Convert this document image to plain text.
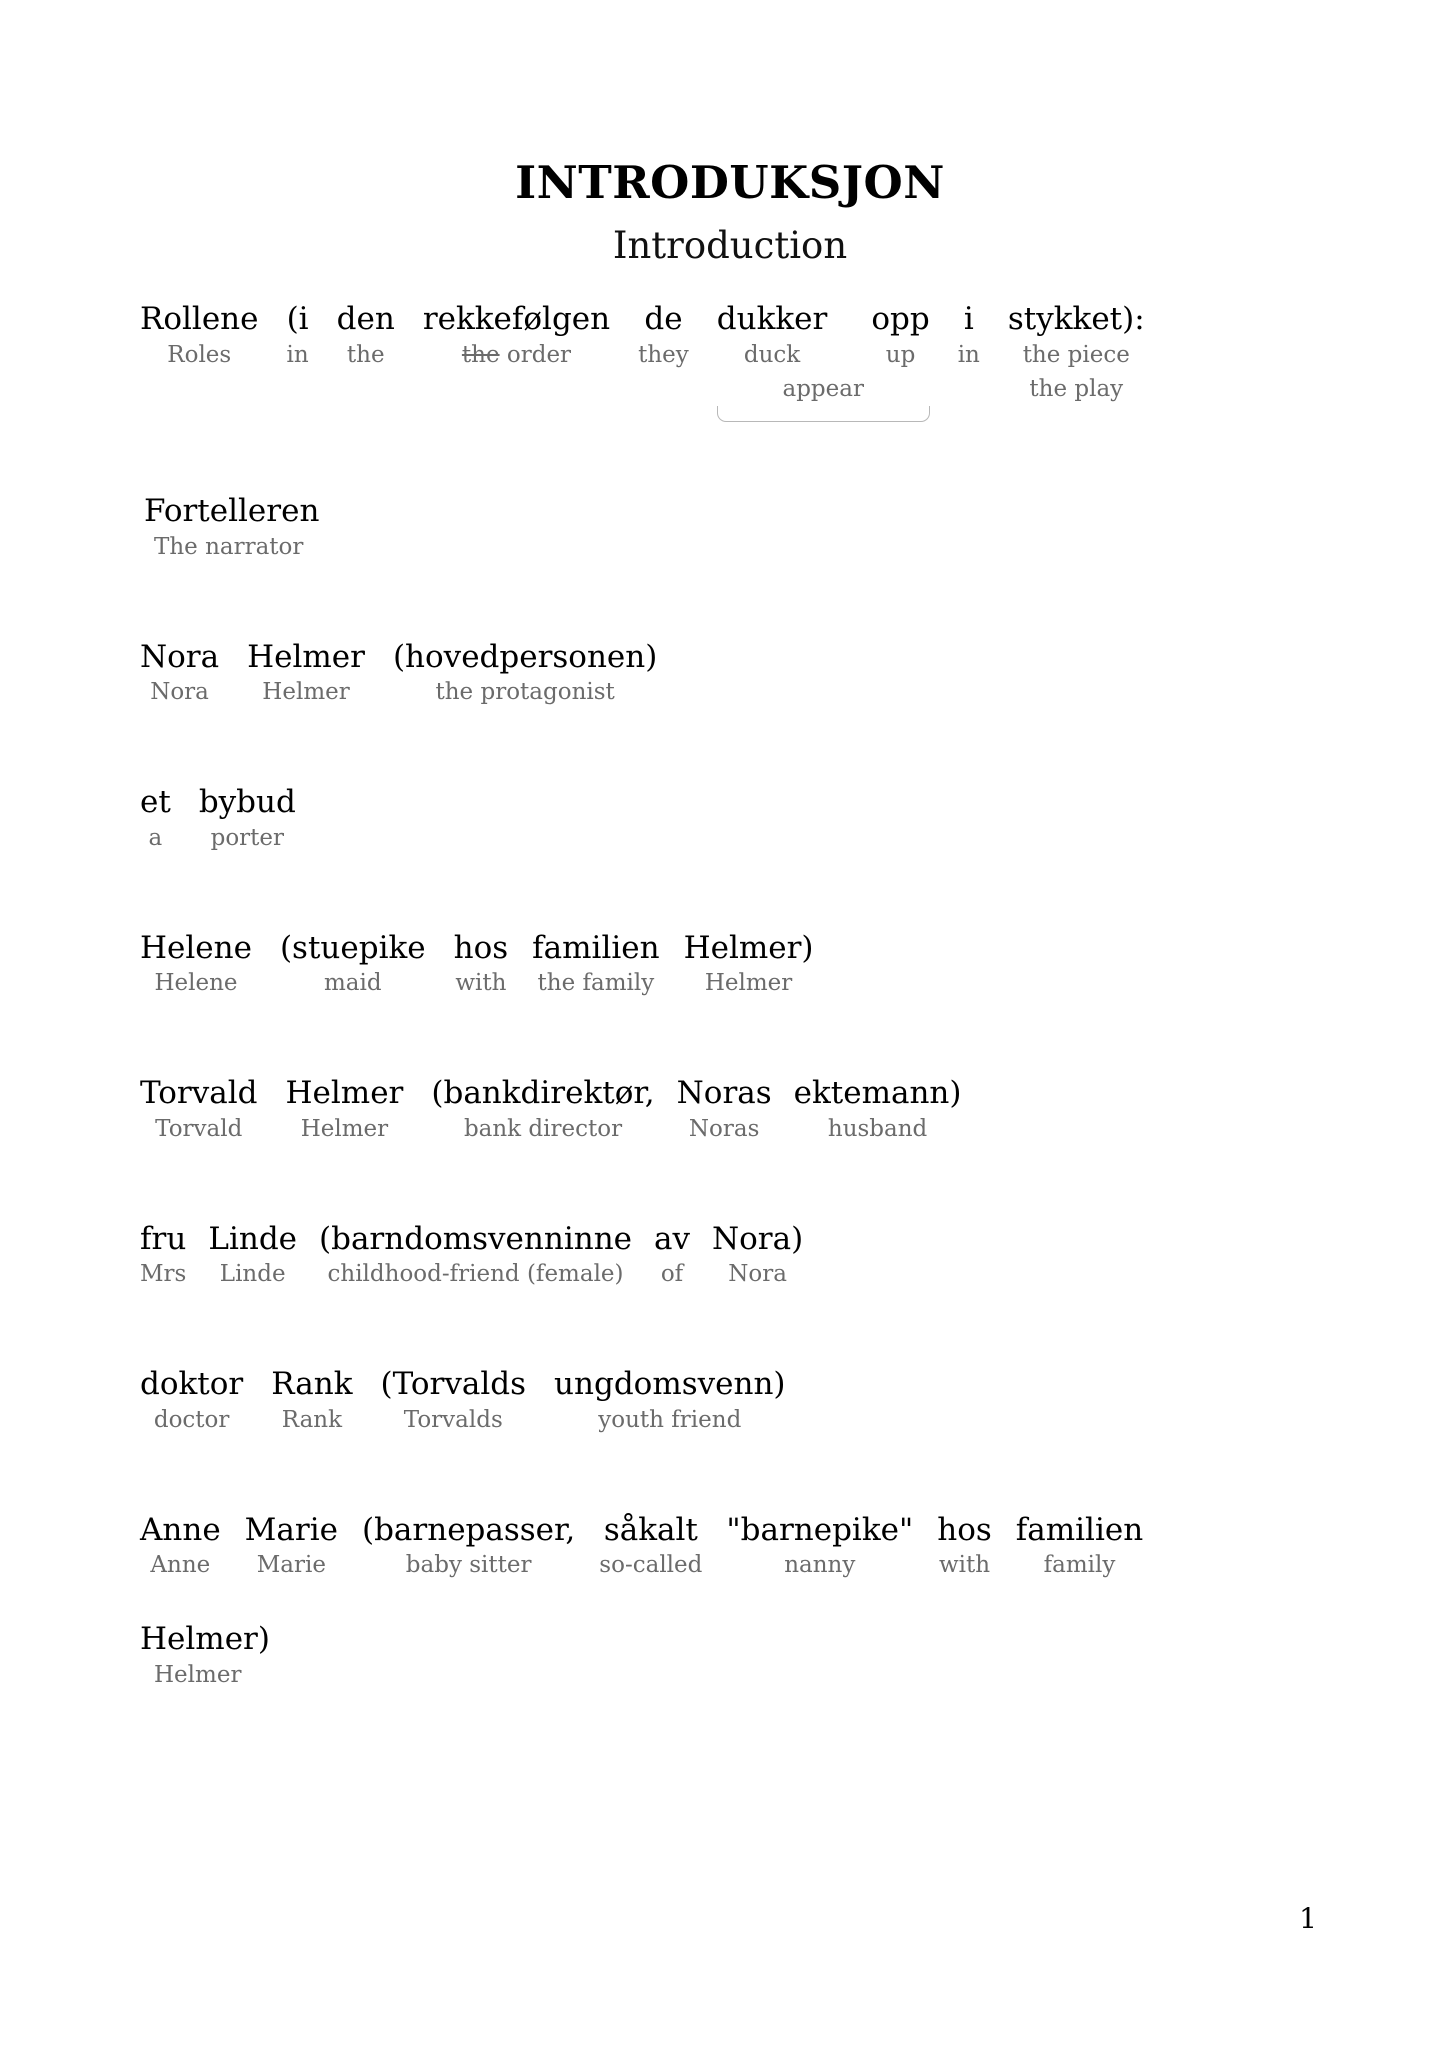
INTRODUKSJON
Introduction
Rollene
Roles
(i
in
den
the
rekkefølgen
the order
de
they
dukker
duck
opp
up
appear
i
in
stykket):
the piece
the play
Fortelleren
The narrator
Nora
Nora
Helmer
Helmer
(hovedpersonen)
the protagonist
et
a
bybud
porter
Helene
Helene
(stuepike
maid
hos
with
familien
the family
Helmer)
Helmer
Torvald
Torvald
Helmer
Helmer
(bankdirektør,
bank director
Noras
Noras
ektemann)
husband
fru
Mrs
Linde
Linde
(barndomsvenninne
childhood-friend (female)
av
of
Nora)
Nora
doktor
doctor
Rank
Rank
(Torvalds
Torvalds
ungdomsvenn)
youth friend
Anne
Anne
Marie
Marie
(barnepasser,
baby sitter
såkalt
so-called
"barnepike"
nanny
hos
with
familien
family
Helmer)
Helmer
1
